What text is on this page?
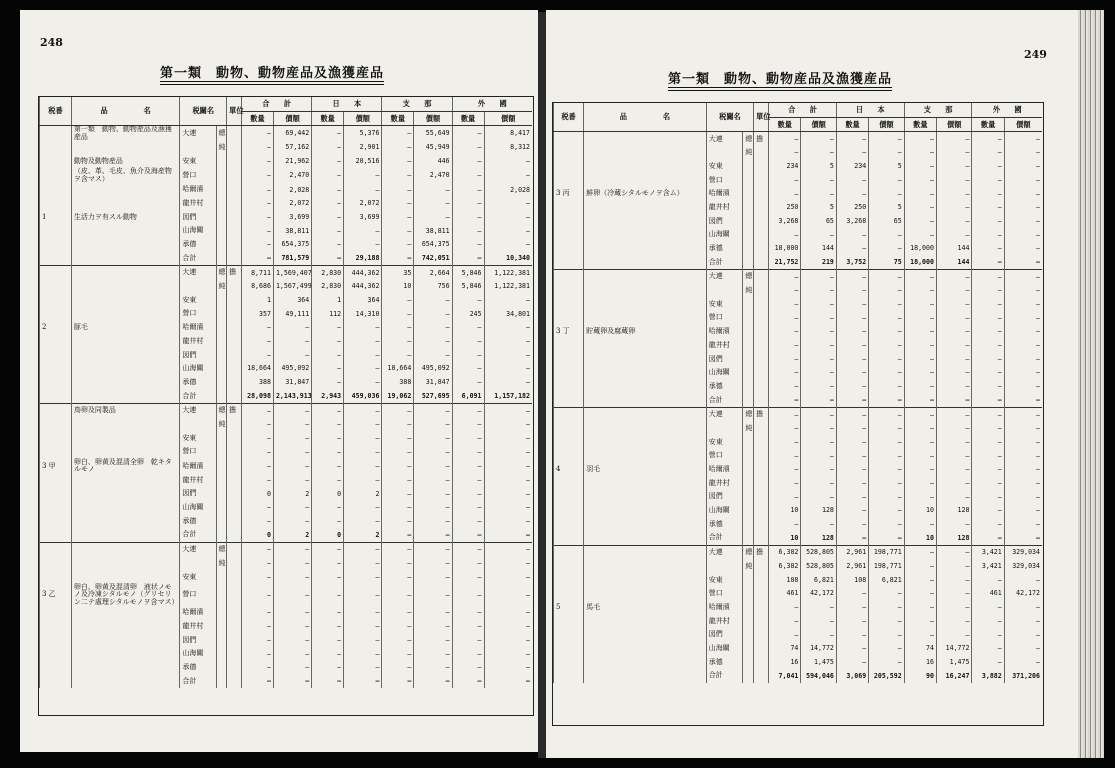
248
第一類　動物、動物産品及漁獲産品
税番	品　　　　　名	税關名		單位	合　　計		日　　本		支　　那		外　　國	
					數量	價額	數量	價額	數量	價額	數量	價額
	第一類　動物、動物産品及漁獲産品	大連	總		—	69,442	—	5,376	—	55,649	—	8,417
			純		—	57,162	—	2,901	—	45,949	—	8,312
	動物及動物産品	安東			—	21,962	—	20,516	—	446	—	—
	（皮、革、毛皮、魚介及海産物ヲ含マス）	營口			—	2,470	—	—	—	2,470	—	—
		哈爾濱			—	2,028	—	—	—	—	—	2,028
		龍井村			—	2,072	—	2,072	—	—	—	—
1	生活力ヲ有スル動物	図們			—	3,699	—	3,699	—	—	—	—
		山海關			—	38,811	—	—	—	38,811	—	—
		承德			—	654,375	—	—	—	654,375	—	—
		合計			—	781,579	—	29,188	—	742,051	—	10,340
		大連	總	擔	8,711	1,569,407	2,830	444,362	35	2,664	5,846	1,122,381
			純		8,686	1,567,499	2,830	444,362	10	756	5,846	1,122,381
		安東			1	364	1	364	—	—	—	—
		營口			357	49,111	112	14,310	—	—	245	34,801
2	豚毛	哈爾濱			—	—	—	—	—	—	—	—
		龍井村			—	—	—	—	—	—	—	—
		図們			—	—	—	—	—	—	—	—
		山海關			18,664	495,092	—	—	18,664	495,092	—	—
		承德			388	31,847	—	—	388	31,847	—	—
		合計			28,098	2,143,913	2,943	459,036	19,062	527,695	6,091	1,157,182
	鳥卵及同製品	大連	總	擔	—	—	—	—	—	—	—	—
			純		—	—	—	—	—	—	—	—
		安東			—	—	—	—	—	—	—	—
		營口			—	—	—	—	—	—	—	—
3 甲	卵白、卵黄及混清全卵　乾キタルモノ	哈爾濱			—	—	—	—	—	—	—	—
		龍井村			—	—	—	—	—	—	—	—
		図們			0	2	0	2	—	—	—	—
		山海關			—	—	—	—	—	—	—	—
		承德			—	—	—	—	—	—	—	—
		合計			0	2	0	2	—	—	—	—
		大連	總		—	—	—	—	—	—	—	—
			純		—	—	—	—	—	—	—	—
		安東			—	—	—	—	—	—	—	—
3 乙	卵白、卵黄及混清卵　液状ノモノ及冷凍シタルモノ（グリセリン二テ處理シタルモノヲ含マス）	營口			—	—	—	—	—	—	—	—
		哈爾濱			—	—	—	—	—	—	—	—
		龍井村			—	—	—	—	—	—	—	—
		図們			—	—	—	—	—	—	—	—
		山海關			—	—	—	—	—	—	—	—
		承德			—	—	—	—	—	—	—	—
		合計			—	—	—	—	—	—	—	—
249
第一類　動物、動物産品及漁獲産品
税番	品　　　　　名	税關名		單位	合　　計		日　　本		支　　那		外　　國	
					數量	價額	數量	價額	數量	價額	數量	價額
		大連	總	擔	—	—	—	—	—	—	—	—
			純		—	—	—	—	—	—	—	—
		安東			234	5	234	5	—	—	—	—
		營口			—	—	—	—	—	—	—	—
3 丙	鮮卵（冷蔵シタルモノヲ含ム）	哈爾濱			—	—	—	—	—	—	—	—
		龍井村			250	5	250	5	—	—	—	—
		図們			3,268	65	3,268	65	—	—	—	—
		山海關			—	—	—	—	—	—	—	—
		承德			18,000	144	—	—	18,000	144	—	—
		合計			21,752	219	3,752	75	18,000	144	—	—
		大連	總		—	—	—	—	—	—	—	—
			純		—	—	—	—	—	—	—	—
		安東			—	—	—	—	—	—	—	—
		營口			—	—	—	—	—	—	—	—
3 丁	貯蔵卵及腐蔵卵	哈爾濱			—	—	—	—	—	—	—	—
		龍井村			—	—	—	—	—	—	—	—
		図們			—	—	—	—	—	—	—	—
		山海關			—	—	—	—	—	—	—	—
		承德			—	—	—	—	—	—	—	—
		合計			—	—	—	—	—	—	—	—
		大連	總	擔	—	—	—	—	—	—	—	—
			純		—	—	—	—	—	—	—	—
		安東			—	—	—	—	—	—	—	—
		營口			—	—	—	—	—	—	—	—
4	羽毛	哈爾濱			—	—	—	—	—	—	—	—
		龍井村			—	—	—	—	—	—	—	—
		図們			—	—	—	—	—	—	—	—
		山海關			10	128	—	—	10	128	—	—
		承德			—	—	—	—	—	—	—	—
		合計			10	128	—	—	10	128	—	—
		大連	總	擔	6,382	528,805	2,961	198,771	—	—	3,421	329,034
			純		6,382	528,805	2,961	198,771	—	—	3,421	329,034
		安東			108	6,821	108	6,821	—	—	—	—
		營口			461	42,172	—	—	—	—	461	42,172
5	馬毛	哈爾濱			—	—	—	—	—	—	—	—
		龍井村			—	—	—	—	—	—	—	—
		図們			—	—	—	—	—	—	—	—
		山海關			74	14,772	—	—	74	14,772	—	—
		承德			16	1,475	—	—	16	1,475	—	—
		合計			7,041	594,046	3,069	205,592	90	16,247	3,882	371,206
